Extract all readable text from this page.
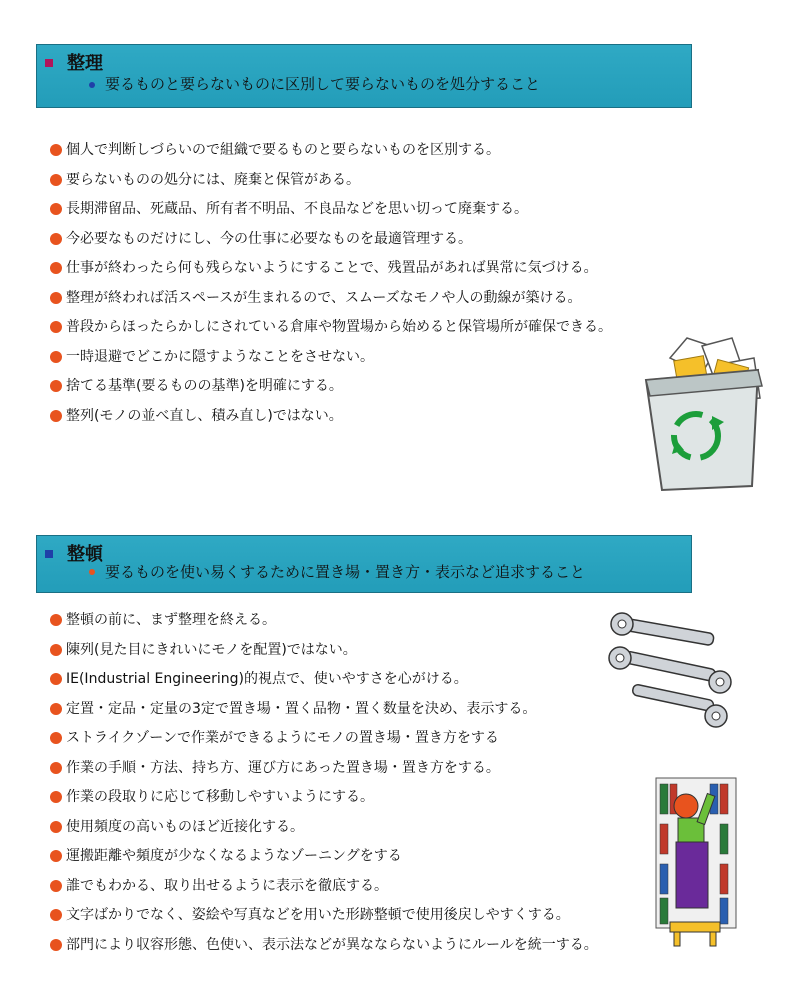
整理
要るものと要らないものに区別して要らないものを処分すること
個人で判断しづらいので組織で要るものと要らないものを区別する。
要らないものの処分には、廃棄と保管がある。
長期滞留品、死蔵品、所有者不明品、不良品などを思い切って廃棄する。
今必要なものだけにし、今の仕事に必要なものを最適管理する。
仕事が終わったら何も残らないようにすることで、残置品があれば異常に気づける。
整理が終われば活スペースが生まれるので、スムーズなモノや人の動線が築ける。
普段からほったらかしにされている倉庫や物置場から始めると保管場所が確保できる。
一時退避でどこかに隠すようなことをさせない。
捨てる基準(要るものの基準)を明確にする。
整列(モノの並べ直し、積み直し)ではない。
整頓
要るものを使い易くするために置き場・置き方・表示など追求すること
整頓の前に、まず整理を終える。
陳列(見た目にきれいにモノを配置)ではない。
IE(Industrial Engineering)的視点で、使いやすさを心がける。
定置・定品・定量の3定で置き場・置く品物・置く数量を決め、表示する。
ストライクゾーンで作業ができるようにモノの置き場・置き方をする
作業の手順・方法、持ち方、運び方にあった置き場・置き方をする。
作業の段取りに応じて移動しやすいようにする。
使用頻度の高いものほど近接化する。
運搬距離や頻度が少なくなるようなゾーニングをする
誰でもわかる、取り出せるように表示を徹底する。
文字ばかりでなく、姿絵や写真などを用いた形跡整頓で使用後戻しやすくする。
部門により収容形態、色使い、表示法などが異なならないようにルールを統一する。
